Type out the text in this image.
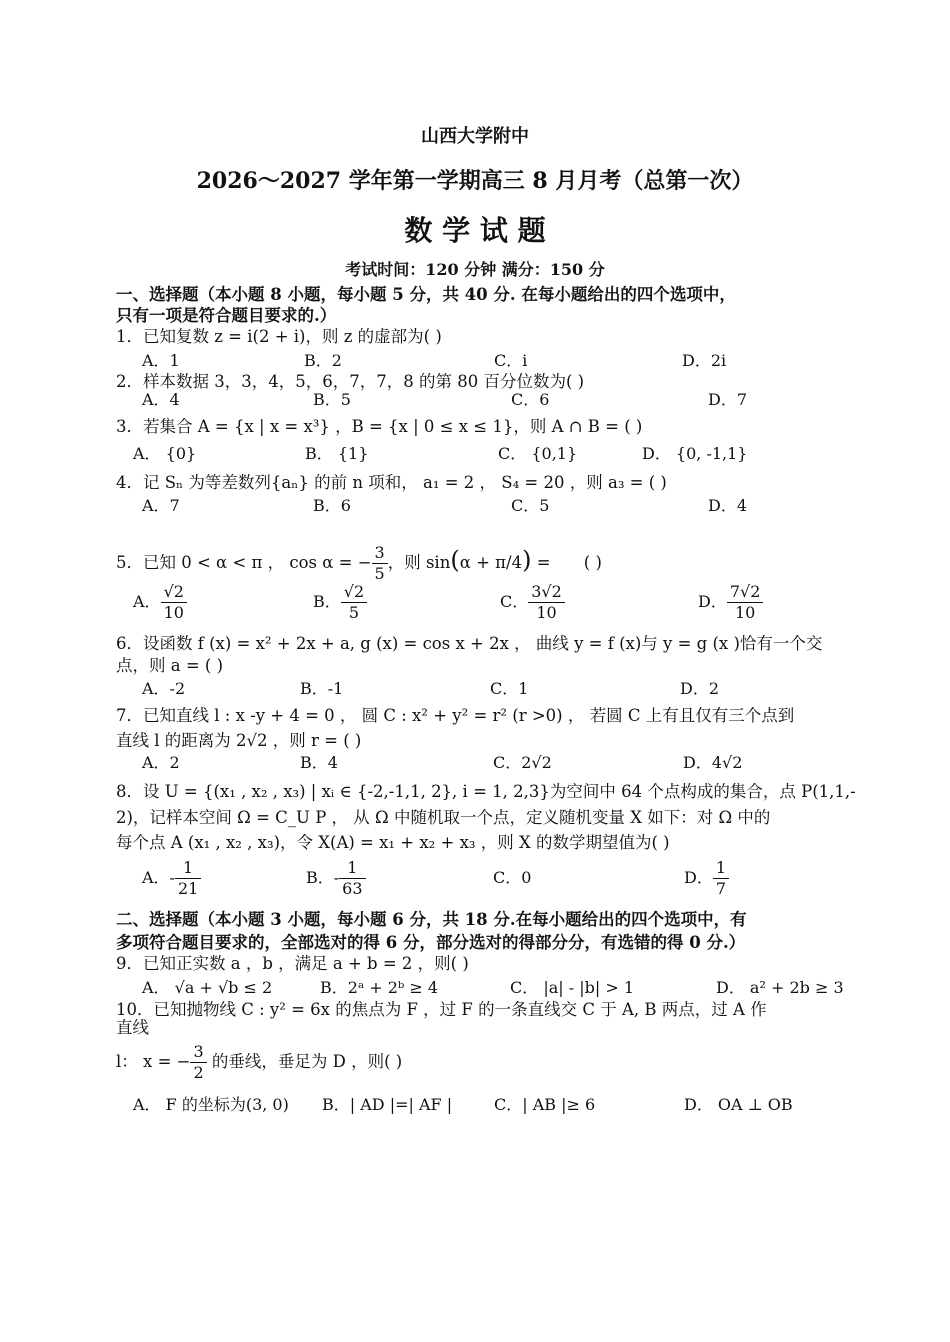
山西大学附中
2026～2027 学年第一学期高三 8 月月考（总第一次）
数 学 试 题
考试时间：120 分钟 满分：150 分
一、选择题（本小题 8 小题，每小题 5 分，共 40 分. 在每小题给出的四个选项中，
只有一项是符合题目要求的.）
1．已知复数 z = i(2 + i)，则 z 的虚部为( )
A．1	B．2	C．i	D．2i
2．样本数据 3，3，4，5，6，7，7，8 的第 80 百分位数为( )
A．4	B．5	C．6	D．7
3．若集合 A = {x | x = x³} ，B = {x | 0 ≤ x ≤ 1}，则 A ∩ B = ( )
A． {0}	B． {1}	C． {0,1}	D． {0, -1,1}
4．记 Sₙ 为等差数列{aₙ} 的前 n 项和， a₁ = 2 ， S₄ = 20 ，则 a₃ = ( )
A．7	B．6	C．5	D．4
5．已知 0 < α < π ， cos α = − $\frac{3}{5}$ ，则 sin(α + π/4) = ( )
A． $\frac{√2}{10}$	B． $\frac{√2}{5}$	C． $\frac{3√2}{10}$	D． $\frac{7√2}{10}$
6．设函数 f (x) = x² + 2x + a, g (x) = cos x + 2x ， 曲线 y = f (x)与 y = g (x )恰有一个交
点，则 a = ( )
A．-2	B．-1	C．1	D．2
7．已知直线 l : x -y + 4 = 0 ， 圆 C : x² + y² = r² (r >0) ， 若圆 C 上有且仅有三个点到
直线 l 的距离为 2√2 ，则 r = ( )
A．2	B．4	C．2√2	D．4√2
8．设 U = {(x₁ , x₂ , x₃) | xᵢ ∈ {-2,-1,1, 2}, i = 1, 2,3}为空间中 64 个点构成的集合，点 P(1,1,-
2)，记样本空间 Ω = C_U P ， 从 Ω 中随机取一个点，定义随机变量 X 如下：对 Ω 中的
每个点 A (x₁ , x₂ , x₃)，令 X(A) = x₁ + x₂ + x₃ ，则 X 的数学期望值为( )
A．- $\frac{1}{21}$	B．- $\frac{1}{63}$	C．0	D． $\frac{1}{7}$
二、选择题（本小题 3 小题，每小题 6 分，共 18 分.在每小题给出的四个选项中，有
多项符合题目要求的，全部选对的得 6 分，部分选对的得部分分，有选错的得 0 分.）
9．已知正实数 a ，b ，满足 a + b = 2 ，则( )
A． √a + √b ≤ 2	B．2ᵃ + 2ᵇ ≥ 4	C． |a| - |b| > 1	D． a² + 2b ≥ 3
10．已知抛物线 C : y² = 6x 的焦点为 F ，过 F 的一条直线交 C 于 A, B 两点，过 A 作
直线
l： x = − $\frac{3}{2}$ 的垂线，垂足为 D ，则( )
A． F 的坐标为(3, 0) B．| AD |=| AF |	C．| AB |≥ 6	D． OA ⊥ OB
